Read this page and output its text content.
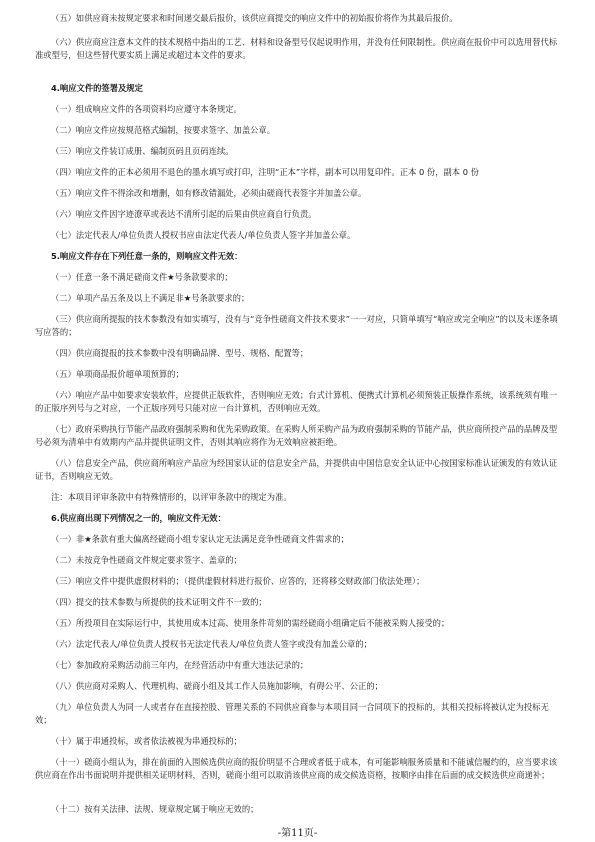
（五）如供应商未按规定要求和时间递交最后报价，该供应商提交的响应文件中的初始报价将作为其最后报价。
（六）供应商应注意本文件的技术规格中指出的工艺、材料和设备型号仅起说明作用，并没有任何限制性。供应商在报价中可以选用替代标准或型号，但这些替代要实质上满足或超过本文件的要求。
4.响应文件的签署及规定
（一）组成响应文件的各项资料均应遵守本条规定。
（二）响应文件应按规范格式编制，按要求签字、加盖公章。
（三）响应文件装订成册、编制页码且页码连续。
（四）响应文件的正本必须用不退色的墨水填写或打印，注明“正本”字样，副本可以用复印件。正本 0 份，副本 0 份
（五）响应文件不得涂改和增删，如有修改错漏处，必须由磋商代表签字并加盖公章。
（六）响应文件因字迹潦草或表达不清所引起的后果由供应商自行负责。
（七）法定代表人/单位负责人授权书应由法定代表人/单位负责人签字并加盖公章。
5.响应文件存在下列任意一条的，则响应文件无效：
（一）任意一条不满足磋商文件★号条款要求的；
（二）单项产品五条及以上不满足非★号条款要求的；
（三）供应商所提报的技术参数没有如实填写，没有与“竞争性磋商文件技术要求”一一对应，只简单填写“响应或完全响应”的以及未逐条填写应答的；
（四）供应商提报的技术参数中没有明确品牌、型号、规格、配置等；
（五）单项商品报价超单项预算的；
（六）响应产品中如要求安装软件，应提供正版软件，否则响应无效；台式计算机、便携式计算机必须预装正版操作系统，该系统须有唯一的正版序列号与之对应，一个正版序列号只能对应一台计算机，否则响应无效。
（七）政府采购执行节能产品政府强制采购和优先采购政策。在采购人所采购产品为政府强制采购的节能产品，供应商所投产品的品牌及型号必须为清单中有效期内产品并提供证明文件，否则其响应将作为无效响应被拒绝。
（八）信息安全产品，供应商所响应产品应为经国家认证的信息安全产品，并提供由中国信息安全认证中心按国家标准认证颁发的有效认证证书，否则响应无效。
注：本项目评审条款中有特殊情形的，以评审条款中的规定为准。
6.供应商出现下列情况之一的，响应文件无效：
（一）非★条款有重大偏离经磋商小组专家认定无法满足竞争性磋商文件需求的；
（二）未按竞争性磋商文件规定要求签字、盖章的；
（三）响应文件中提供虚假材料的；（提供虚假材料进行报价、应答的，还将移交财政部门依法处理）；
（四）提交的技术参数与所提供的技术证明文件不一致的；
（五）所投项目在实际运行中，其使用成本过高、使用条件苛刻的需经磋商小组确定后不能被采购人接受的；
（六）法定代表人/单位负责人授权书无法定代表人/单位负责人签字或没有加盖公章的；
（七）参加政府采购活动前三年内，在经营活动中有重大违法记录的；
（八）供应商对采购人、代理机构、磋商小组及其工作人员施加影响，有碍公平、公正的；
（九）单位负责人为同一人或者存在直接控股、管理关系的不同供应商参与本项目同一合同项下的投标的，其相关投标将被认定为投标无效；
（十）属于串通投标，或者依法被视为串通投标的；
（十一）磋商小组认为，排在前面的入围候选供应商的报价明显不合理或者低于成本，有可能影响服务质量和不能诚信履约的，应当要求该供应商在作出书面说明并提供相关证明材料，否则，磋商小组可以取消该供应商的成交候选资格，按顺序由排在后面的成交候选供应商递补；
（十二）按有关法律、法规、规章规定属于响应无效的；
-第11页-
